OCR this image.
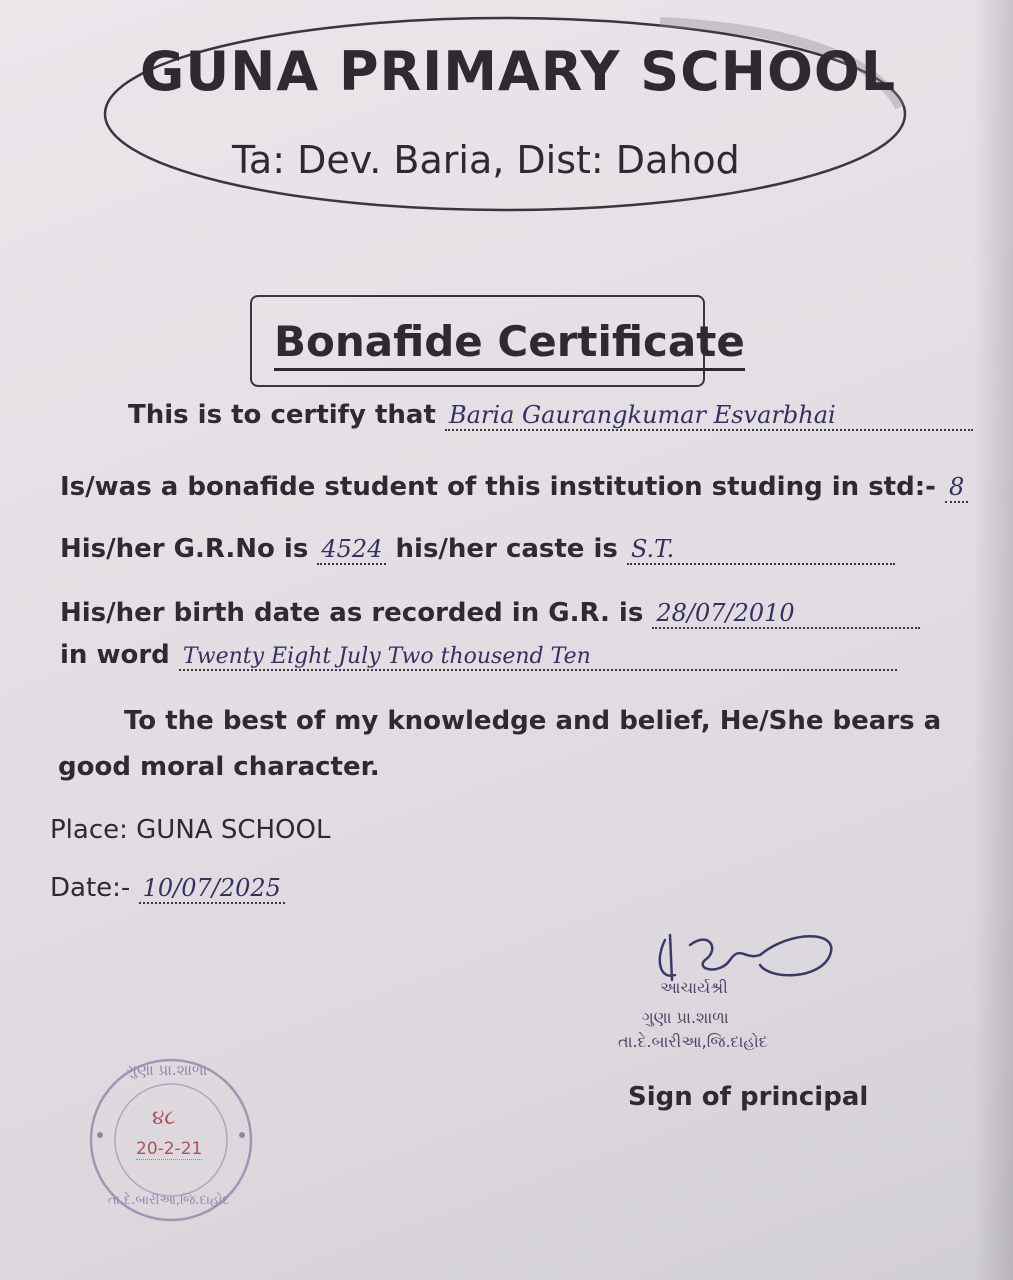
GUNA PRIMARY SCHOOL
Ta: Dev. Baria, Dist: Dahod
Bonafide Certificate
This is to certify that Baria Gaurangkumar Esvarbhai
Is/was a bonafide student of this institution studing in std:- 8
His/her G.R.No is 4524 his/her caste is S.T.
His/her birth date as recorded in G.R. is 28/07/2010
in word Twenty Eight July Two thousend Ten
To the best of my knowledge and belief, He/She bears a
good moral character.
Place: GUNA SCHOOL
Date:- 10/07/2025
આચાર્યશ્રી
ગુણા પ્રા.શાળા
તા.દે.બારીઆ,જિ.દાહોદ
Sign of principal
ગુણા પ્રા.શાળા
૪૮
20-2-21
તા.દે.બારીઆ,જિ.દાહોદ
